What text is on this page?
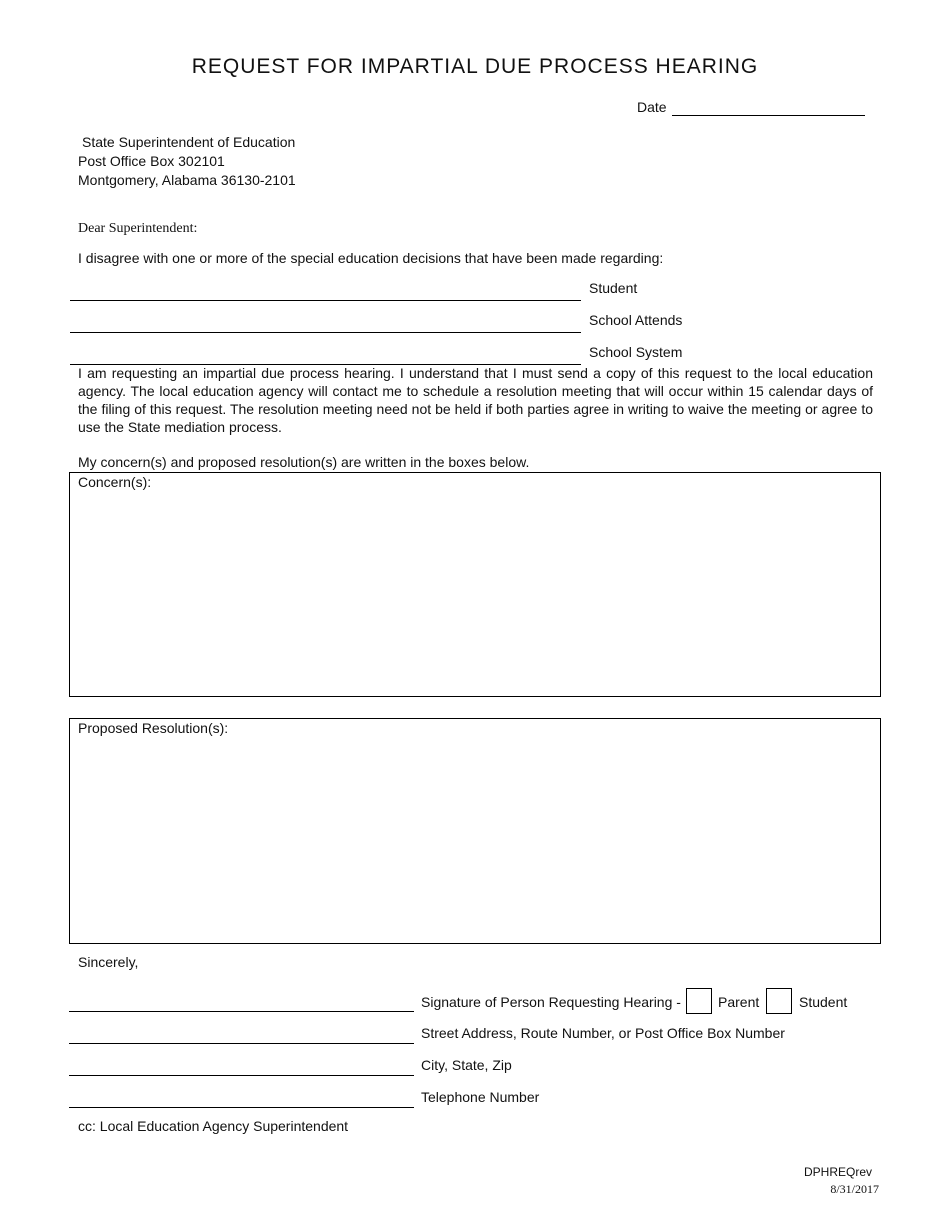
REQUEST FOR IMPARTIAL DUE PROCESS HEARING
Date
State Superintendent of Education
Post Office Box 302101
Montgomery, Alabama 36130-2101
Dear Superintendent:
I disagree with one or more of the special education decisions that have been made regarding:
Student
School Attends
School System
I am requesting an impartial due process hearing. I understand that I must send a copy of this request to the local education agency. The local education agency will contact me to schedule a resolution meeting that will occur within 15 calendar days of the filing of this request. The resolution meeting need not be held if both parties agree in writing to waive the meeting or agree to use the State mediation process.
My concern(s) and proposed resolution(s) are written in the boxes below.
Concern(s):
Proposed Resolution(s):
Sincerely,
Signature of Person Requesting Hearing -	Parent	Student
Street Address, Route Number, or Post Office Box Number
City, State, Zip
Telephone Number
cc: Local Education Agency Superintendent
DPHREQrev
8/31/2017
